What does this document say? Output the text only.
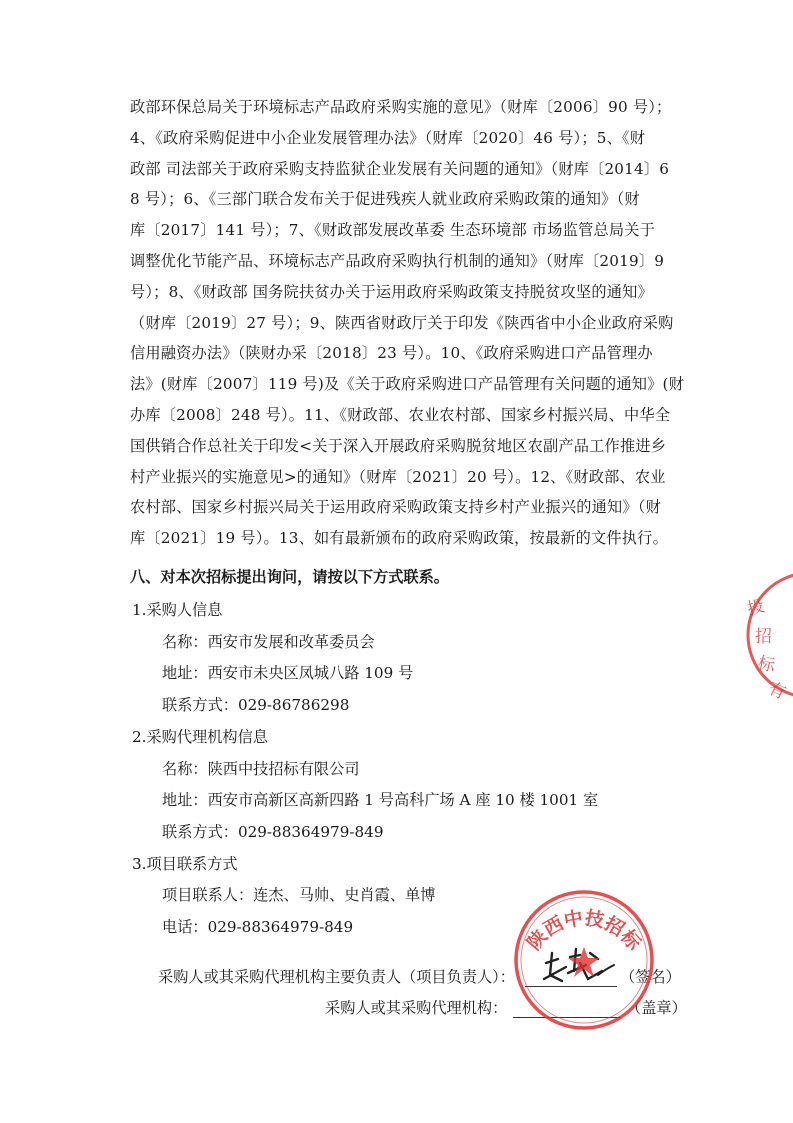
政部环保总局关于环境标志产品政府采购实施的意见》（财库〔2006〕90 号）；
4、《政府采购促进中小企业发展管理办法》（财库〔2020〕46 号）；5、《财
政部 司法部关于政府采购支持监狱企业发展有关问题的通知》（财库〔2014〕6
8 号）；6、《三部门联合发布关于促进残疾人就业政府采购政策的通知》（财
库〔2017〕141 号）；7、《财政部发展改革委 生态环境部 市场监管总局关于
调整优化节能产品、环境标志产品政府采购执行机制的通知》（财库〔2019〕9
号）；8、《财政部 国务院扶贫办关于运用政府采购政策支持脱贫攻坚的通知》
（财库〔2019〕27 号）；9、陕西省财政厅关于印发《陕西省中小企业政府采购
信用融资办法》（陕财办采〔2018〕23 号）。10、《政府采购进口产品管理办
法》(财库〔2007〕119 号)及《关于政府采购进口产品管理有关问题的通知》(财
办库〔2008〕248 号）。11、《财政部、农业农村部、国家乡村振兴局、中华全
国供销合作总社关于印发<关于深入开展政府采购脱贫地区农副产品工作推进乡
村产业振兴的实施意见>的通知》（财库〔2021〕20 号）。12、《财政部、农业
农村部、国家乡村振兴局关于运用政府采购政策支持乡村产业振兴的通知》（财
库〔2021〕19 号）。13、如有最新颁布的政府采购政策，按最新的文件执行。
八、对本次招标提出询问，请按以下方式联系。
1.采购人信息
名称：西安市发展和改革委员会
地址：西安市未央区凤城八路 109 号
联系方式：029-86786298
2.采购代理机构信息
名称：陕西中技招标有限公司
地址：西安市高新区高新四路 1 号高科广场 A 座 10 楼 1001 室
联系方式：029-88364979-849
3.项目联系方式
项目联系人：连杰、马帅、史肖霞、单博
电话：029-88364979-849
采购人或其采购代理机构主要负责人（项目负责人）：	（签名）
采购人或其采购代理机构：	（盖章）
陕西中技招标
投
招
标
有
